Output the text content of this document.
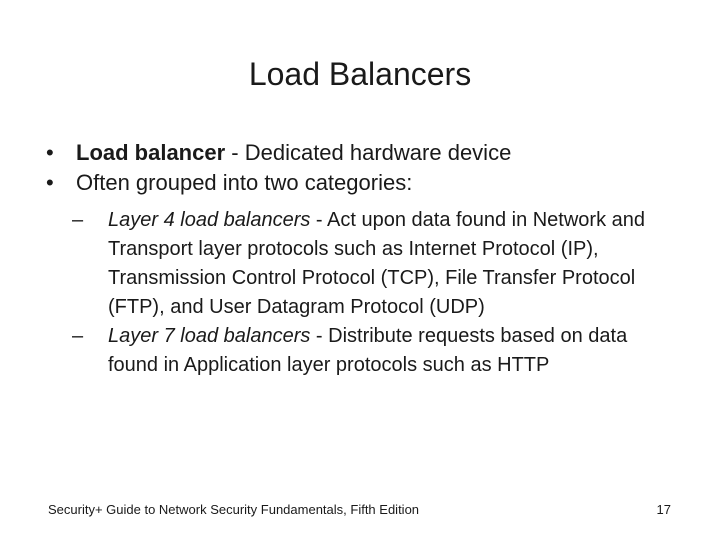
Load Balancers
•	Load balancer - Dedicated hardware device
•	Often grouped into two categories:
–	Layer 4 load balancers - Act upon data found in Network and Transport layer protocols such as Internet Protocol (IP), Transmission Control Protocol (TCP), File Transfer Protocol (FTP), and User Datagram Protocol (UDP)
–	Layer 7 load balancers - Distribute requests based on data found in Application layer protocols such as HTTP
Security+ Guide to Network Security Fundamentals, Fifth Edition	17
